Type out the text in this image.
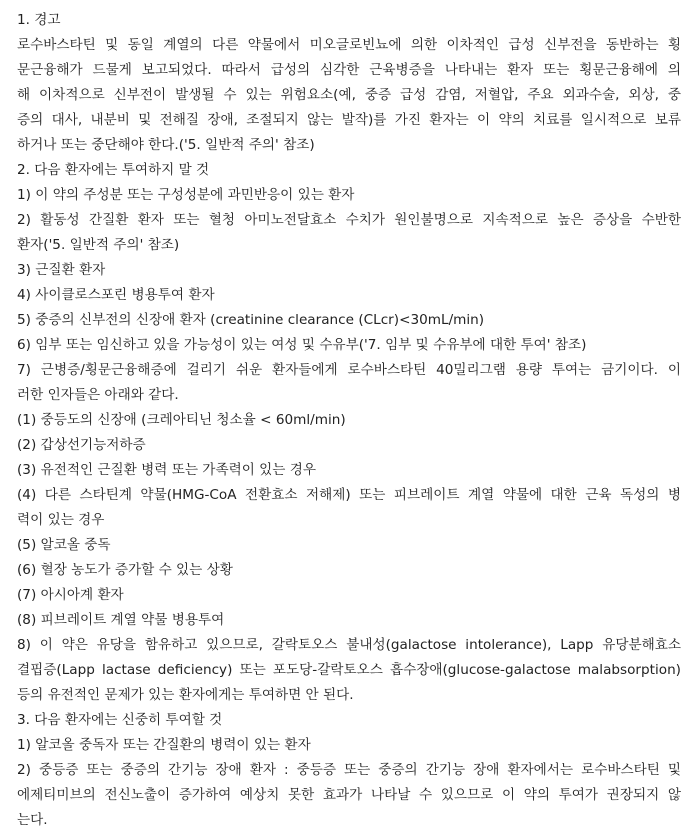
1. 경고
로수바스타틴 및 동일 계열의 다른 약물에서 미오글로빈뇨에 의한 이차적인 급성 신부전을 동반하는 횡
문근융해가 드물게 보고되었다. 따라서 급성의 심각한 근육병증을 나타내는 환자 또는 횡문근융해에 의
해 이차적으로 신부전이 발생될 수 있는 위험요소(예, 중증 급성 감염, 저혈압, 주요 외과수술, 외상, 중
증의 대사, 내분비 및 전해질 장애, 조절되지 않는 발작)를 가진 환자는 이 약의 치료를 일시적으로 보류
하거나 또는 중단해야 한다.('5. 일반적 주의' 참조)
2. 다음 환자에는 투여하지 말 것
1) 이 약의 주성분 또는 구성성분에 과민반응이 있는 환자
2) 활동성 간질환 환자 또는 혈청 아미노전달효소 수치가 원인불명으로 지속적으로 높은 증상을 수반한
환자('5. 일반적 주의' 참조)
3) 근질환 환자
4) 사이클로스포린 병용투여 환자
5) 중증의 신부전의 신장애 환자 (creatinine clearance (CLcr)<30mL/min)
6) 임부 또는 임신하고 있을 가능성이 있는 여성 및 수유부('7. 임부 및 수유부에 대한 투여' 참조)
7) 근병증/횡문근융해증에 걸리기 쉬운 환자들에게 로수바스타틴 40밀리그램 용량 투여는 금기이다. 이
러한 인자들은 아래와 같다.
(1) 중등도의 신장애 (크레아티닌 청소율 < 60ml/min)
(2) 갑상선기능저하증
(3) 유전적인 근질환 병력 또는 가족력이 있는 경우
(4) 다른 스타틴계 약물(HMG-CoA 전환효소 저해제) 또는 피브레이트 계열 약물에 대한 근육 독성의 병
력이 있는 경우
(5) 알코올 중독
(6) 혈장 농도가 증가할 수 있는 상황
(7) 아시아계 환자
(8) 피브레이트 계열 약물 병용투여
8) 이 약은 유당을 함유하고 있으므로, 갈락토오스 불내성(galactose intolerance), Lapp 유당분해효소
결핍증(Lapp lactase deficiency) 또는 포도당-갈락토오스 흡수장애(glucose-galactose malabsorption)
등의 유전적인 문제가 있는 환자에게는 투여하면 안 된다.
3. 다음 환자에는 신중히 투여할 것
1) 알코올 중독자 또는 간질환의 병력이 있는 환자
2) 중등증 또는 중증의 간기능 장애 환자 : 중등증 또는 중증의 간기능 장애 환자에서는 로수바스타틴 및
에제티미브의 전신노출이 증가하여 예상치 못한 효과가 나타날 수 있으므로 이 약의 투여가 권장되지 않
는다.
